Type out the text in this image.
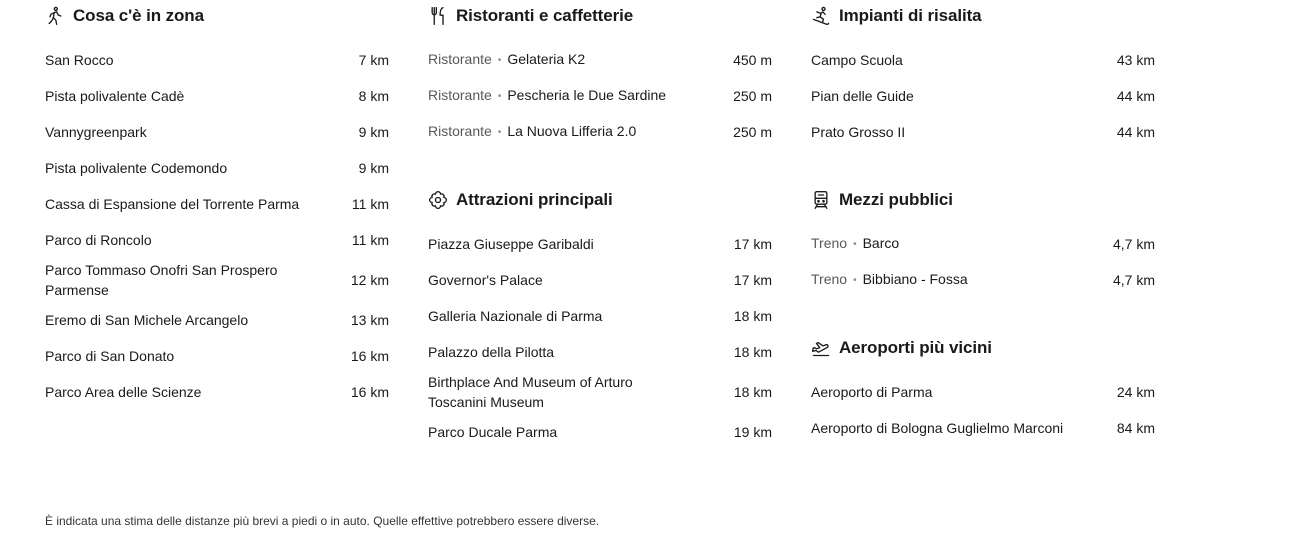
Cosa c'è in zona
San Rocco	7 km
Pista polivalente Cadè	8 km
Vannygreenpark	9 km
Pista polivalente Codemondo	9 km
Cassa di Espansione del Torrente Parma	11 km
Parco di Roncolo	11 km
Parco Tommaso Onofri San Prospero Parmense
12 km
Eremo di San Michele Arcangelo	13 km
Parco di San Donato	16 km
Parco Area delle Scienze	16 km
Ristoranti e caffetterie
Ristorante • Gelateria K2	450 m
Ristorante • Pescheria le Due Sardine	250 m
Ristorante • La Nuova Lifferia 2.0	250 m
Attrazioni principali
Piazza Giuseppe Garibaldi	17 km
Governor's Palace	17 km
Galleria Nazionale di Parma	18 km
Palazzo della Pilotta	18 km
Birthplace And Museum of Arturo Toscanini Museum
18 km
Parco Ducale Parma	19 km
Impianti di risalita
Campo Scuola	43 km
Pian delle Guide	44 km
Prato Grosso II	44 km
Mezzi pubblici
Treno • Barco	4,7 km
Treno • Bibbiano - Fossa	4,7 km
Aeroporti più vicini
Aeroporto di Parma	24 km
Aeroporto di Bologna Guglielmo Marconi	84 km
È indicata una stima delle distanze più brevi a piedi o in auto. Quelle effettive potrebbero essere diverse.
